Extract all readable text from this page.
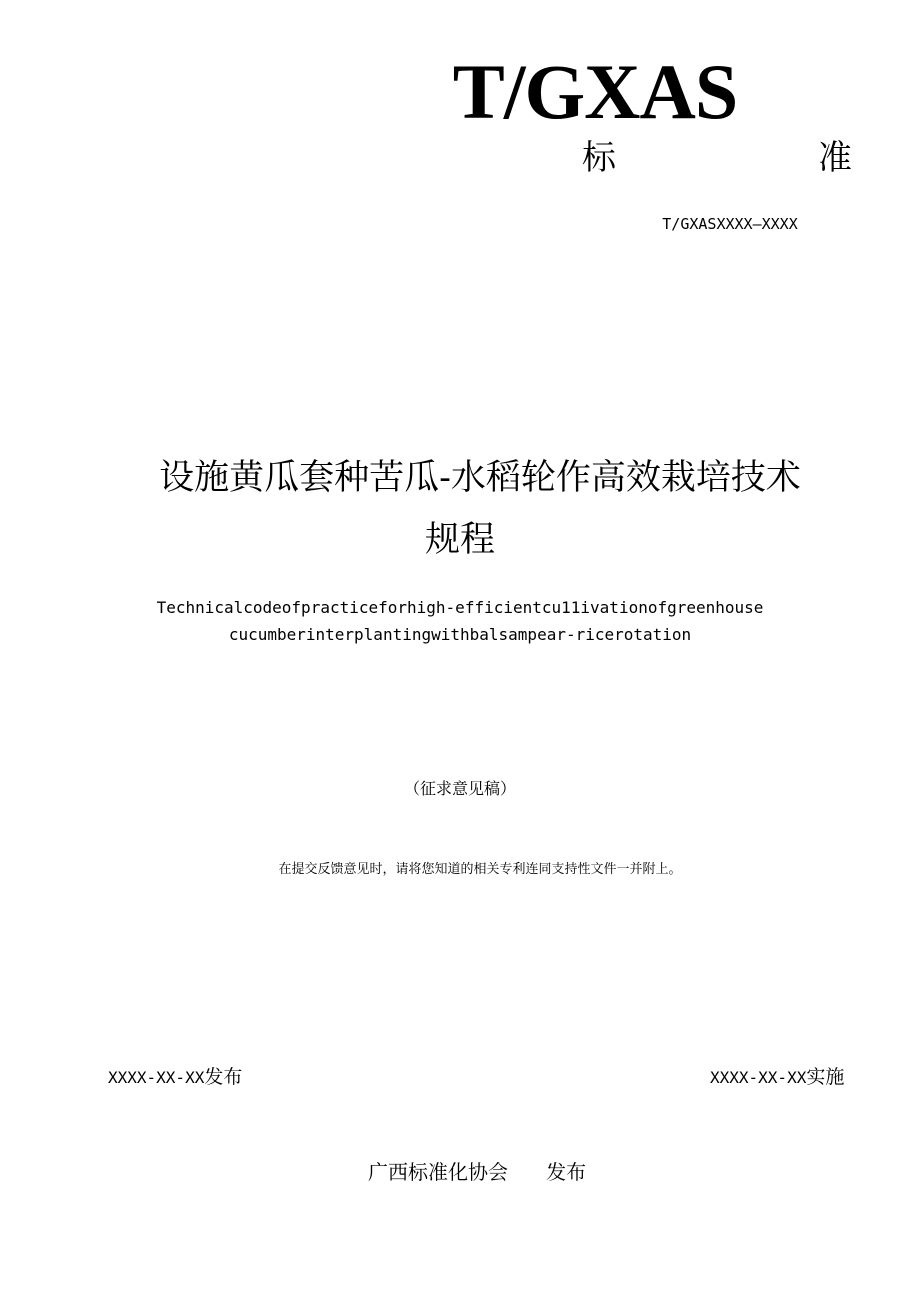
T/GXAS
标	准
T/GXASXXXX—XXXX
设施黄瓜套种苦瓜-水稻轮作高效栽培技术
规程
Technicalcodeofpracticeforhigh-efficientcu11ivationofgreenhouse
cucumberinterplantingwithbalsampear-ricerotation
（征求意见稿）
在提交反馈意见时，请将您知道的相关专利连同支持性文件一并附上。
XXXX-XX-XX发布	XXXX-XX-XX实施
广西标准化协会 发布
